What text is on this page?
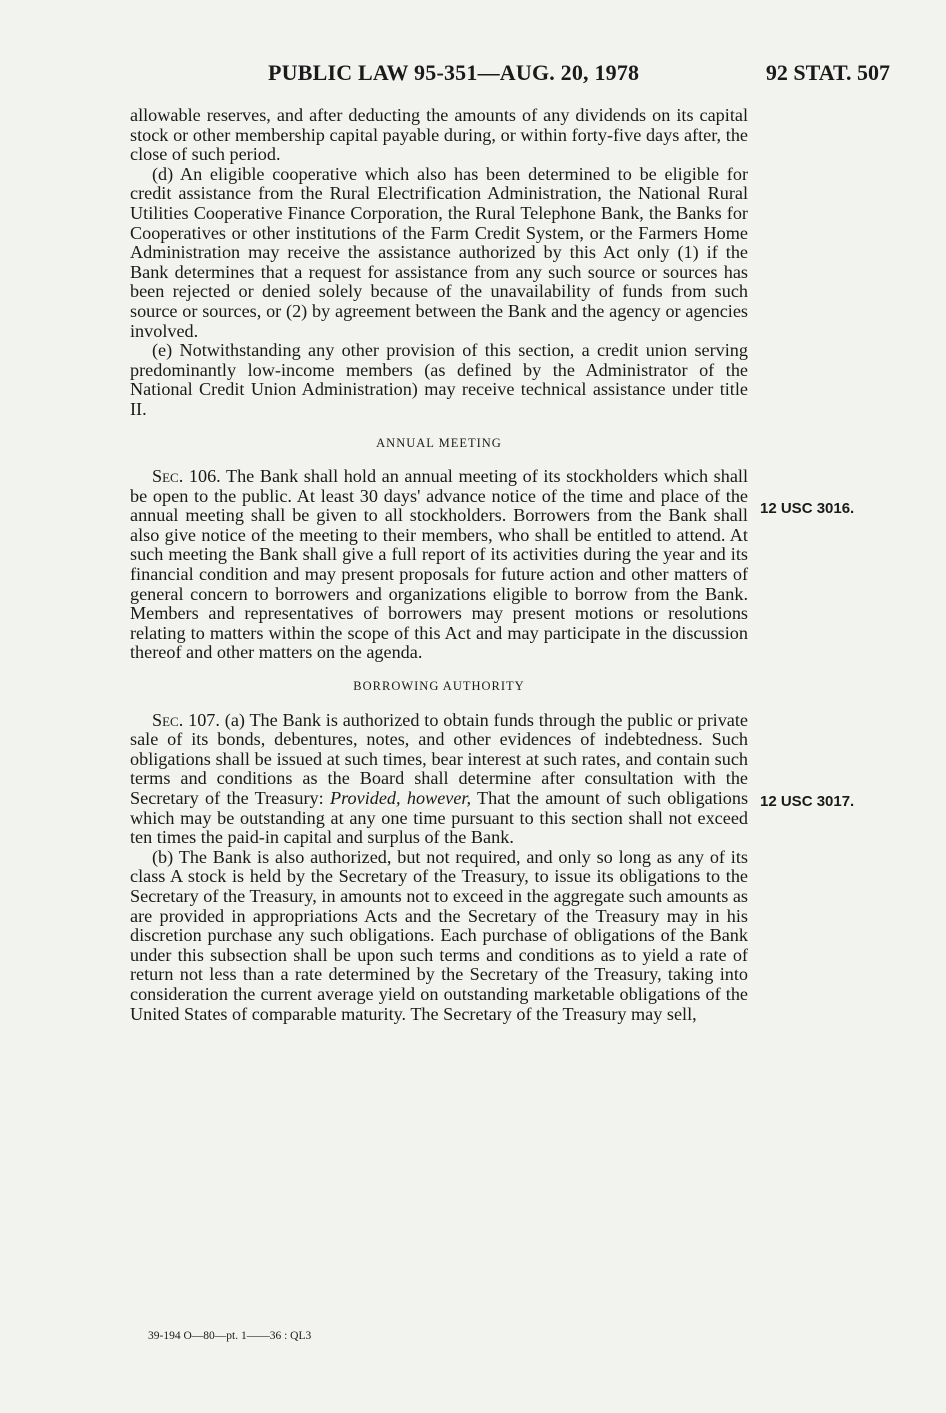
PUBLIC LAW 95-351—AUG. 20, 1978	92 STAT. 507

allowable reserves, and after deducting the amounts of any dividends on its capital stock or other membership capital payable during, or within forty-five days after, the close of such period.

(d) An eligible cooperative which also has been determined to be eligible for credit assistance from the Rural Electrification Administration, the National Rural Utilities Cooperative Finance Corporation, the Rural Telephone Bank, the Banks for Cooperatives or other institutions of the Farm Credit System, or the Farmers Home Administration may receive the assistance authorized by this Act only (1) if the Bank determines that a request for assistance from any such source or sources has been rejected or denied solely because of the unavailability of funds from such source or sources, or (2) by agreement between the Bank and the agency or agencies involved.

(e) Notwithstanding any other provision of this section, a credit union serving predominantly low-income members (as defined by the Administrator of the National Credit Union Administration) may receive technical assistance under title II.

ANNUAL MEETING

Sec. 106. The Bank shall hold an annual meeting of its stockholders which shall be open to the public. At least 30 days' advance notice of the time and place of the annual meeting shall be given to all stockholders. Borrowers from the Bank shall also give notice of the meeting to their members, who shall be entitled to attend. At such meeting the Bank shall give a full report of its activities during the year and its financial condition and may present proposals for future action and other matters of general concern to borrowers and organizations eligible to borrow from the Bank. Members and representatives of borrowers may present motions or resolutions relating to matters within the scope of this Act and may participate in the discussion thereof and other matters on the agenda.

BORROWING AUTHORITY

Sec. 107. (a) The Bank is authorized to obtain funds through the public or private sale of its bonds, debentures, notes, and other evidences of indebtedness. Such obligations shall be issued at such times, bear interest at such rates, and contain such terms and conditions as the Board shall determine after consultation with the Secretary of the Treasury: Provided, however, That the amount of such obligations which may be outstanding at any one time pursuant to this section shall not exceed ten times the paid-in capital and surplus of the Bank.

(b) The Bank is also authorized, but not required, and only so long as any of its class A stock is held by the Secretary of the Treasury, to issue its obligations to the Secretary of the Treasury, in amounts not to exceed in the aggregate such amounts as are provided in appropriations Acts and the Secretary of the Treasury may in his discretion purchase any such obligations. Each purchase of obligations of the Bank under this subsection shall be upon such terms and conditions as to yield a rate of return not less than a rate determined by the Secretary of the Treasury, taking into consideration the current average yield on outstanding marketable obligations of the United States of comparable maturity. The Secretary of the Treasury may sell,

12 USC 3016.
12 USC 3017.
39-194 O—80—pt. 1——36 : QL3
